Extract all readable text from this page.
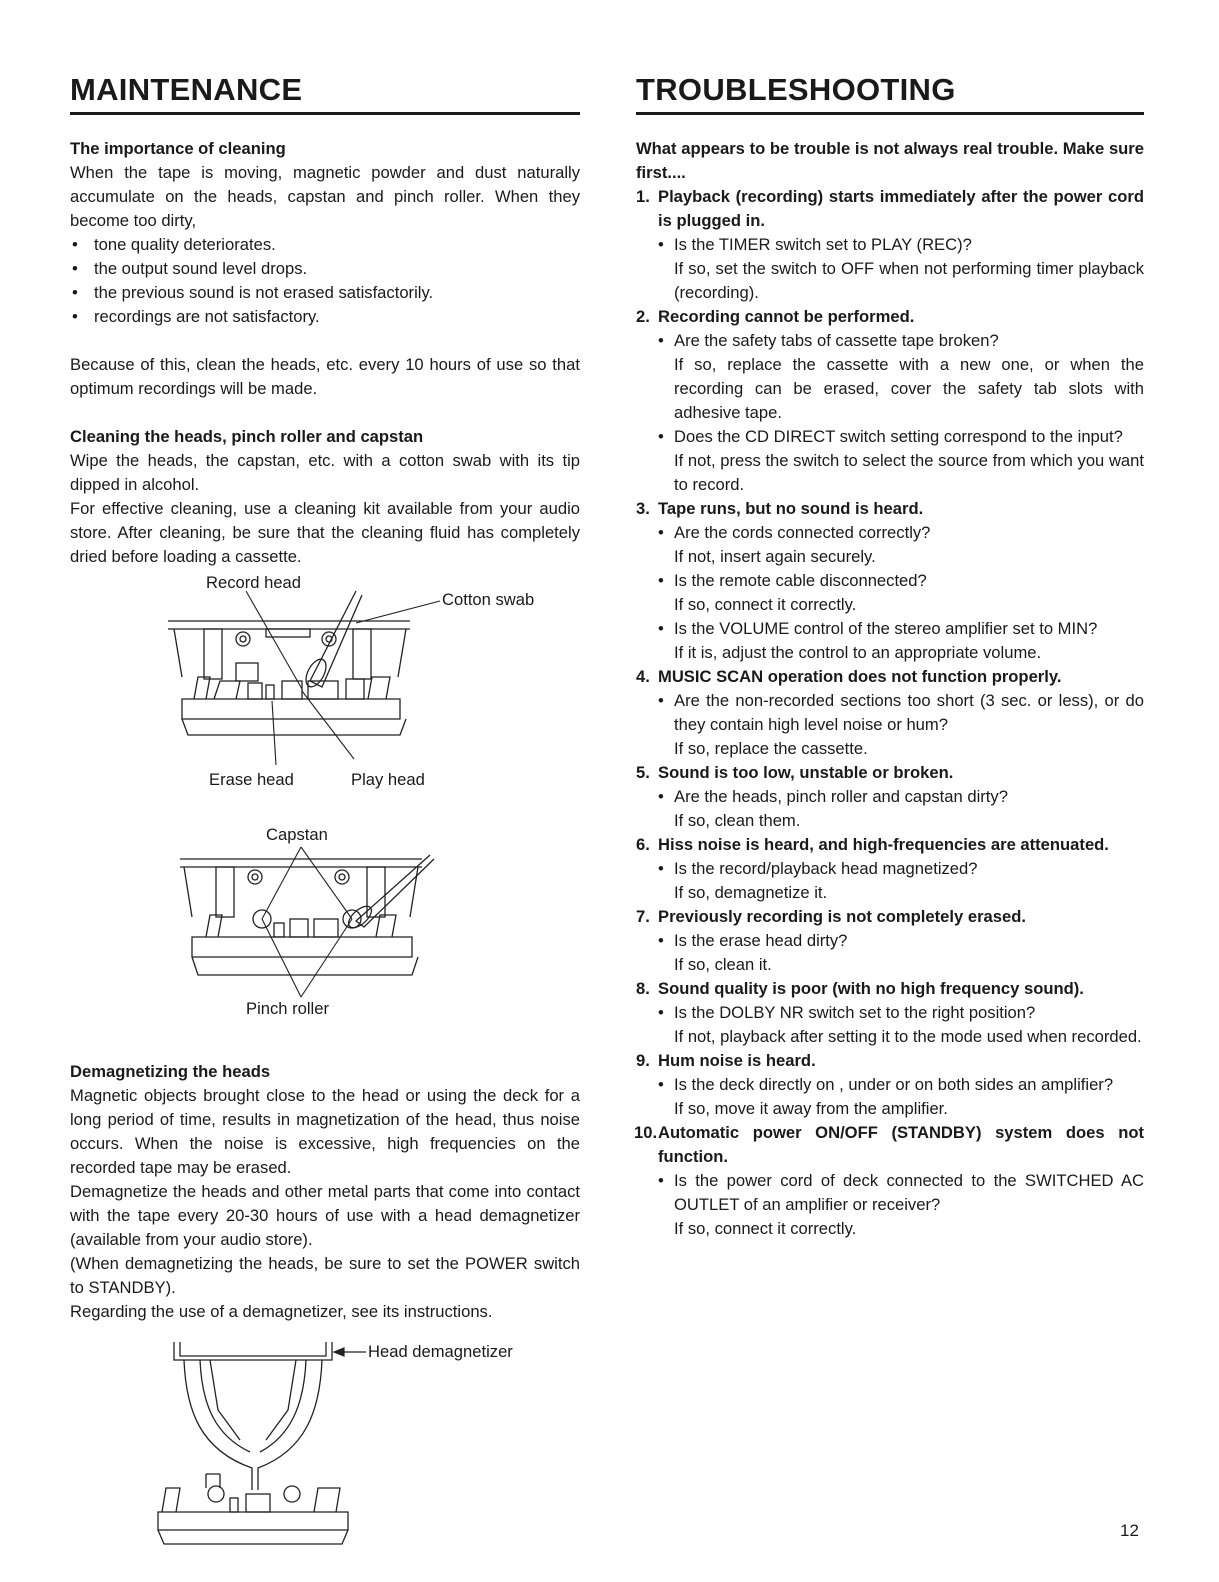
MAINTENANCE

The importance of cleaning

When the tape is moving, magnetic powder and dust naturally accumulate on the heads, capstan and pinch roller. When they become too dirty,

• tone quality deteriorates.
• the output sound level drops.
• the previous sound is not erased satisfactorily.
• recordings are not satisfactory.

Because of this, clean the heads, etc. every 10 hours of use so that optimum recordings will be made.

Cleaning the heads, pinch roller and capstan

Wipe the heads, the capstan, etc. with a cotton swab with its tip dipped in alcohol.

For effective cleaning, use a cleaning kit available from your audio store. After cleaning, be sure that the cleaning fluid has completely dried before loading a cassette.

Record head
Cotton swab
Erase head	Play head
Capstan
Pinch roller

Demagnetizing the heads

Magnetic objects brought close to the head or using the deck for a long period of time, results in magnetization of the head, thus noise occurs. When the noise is excessive, high frequencies on the recorded tape may be erased.

Demagnetize the heads and other metal parts that come into contact with the tape every 20-30 hours of use with a head demagnetizer (available from your audio store).

(When demagnetizing the heads, be sure to set the POWER switch to STANDBY).

Regarding the use of a demagnetizer, see its instructions.

Head demagnetizer
TROUBLESHOOTING

What appears to be trouble is not always real trouble. Make sure first....

1. Playback (recording) starts immediately after the power cord is plugged in.
• Is the TIMER switch set to PLAY (REC)?
If so, set the switch to OFF when not performing timer playback (recording).
2. Recording cannot be performed.
• Are the safety tabs of cassette tape broken?
If so, replace the cassette with a new one, or when the recording can be erased, cover the safety tab slots with adhesive tape.
• Does the CD DIRECT switch setting correspond to the input?
If not, press the switch to select the source from which you want to record.
3. Tape runs, but no sound is heard.
• Are the cords connected correctly?
If not, insert again securely.
• Is the remote cable disconnected?
If so, connect it correctly.
• Is the VOLUME control of the stereo amplifier set to MIN?
If it is, adjust the control to an appropriate volume.
4. MUSIC SCAN operation does not function properly.
• Are the non-recorded sections too short (3 sec. or less), or do they contain high level noise or hum?
If so, replace the cassette.
5. Sound is too low, unstable or broken.
• Are the heads, pinch roller and capstan dirty?
If so, clean them.
6. Hiss noise is heard, and high-frequencies are attenuated.
• Is the record/playback head magnetized?
If so, demagnetize it.
7. Previously recording is not completely erased.
• Is the erase head dirty?
If so, clean it.
8. Sound quality is poor (with no high frequency sound).
• Is the DOLBY NR switch set to the right position?
If not, playback after setting it to the mode used when recorded.
9. Hum noise is heard.
• Is the deck directly on , under or on both sides an amplifier?
If so, move it away from the amplifier.
10. Automatic power ON/OFF (STANDBY) system does not function.
• Is the power cord of deck connected to the SWITCHED AC OUTLET of an amplifier or receiver?
If so, connect it correctly.
12
